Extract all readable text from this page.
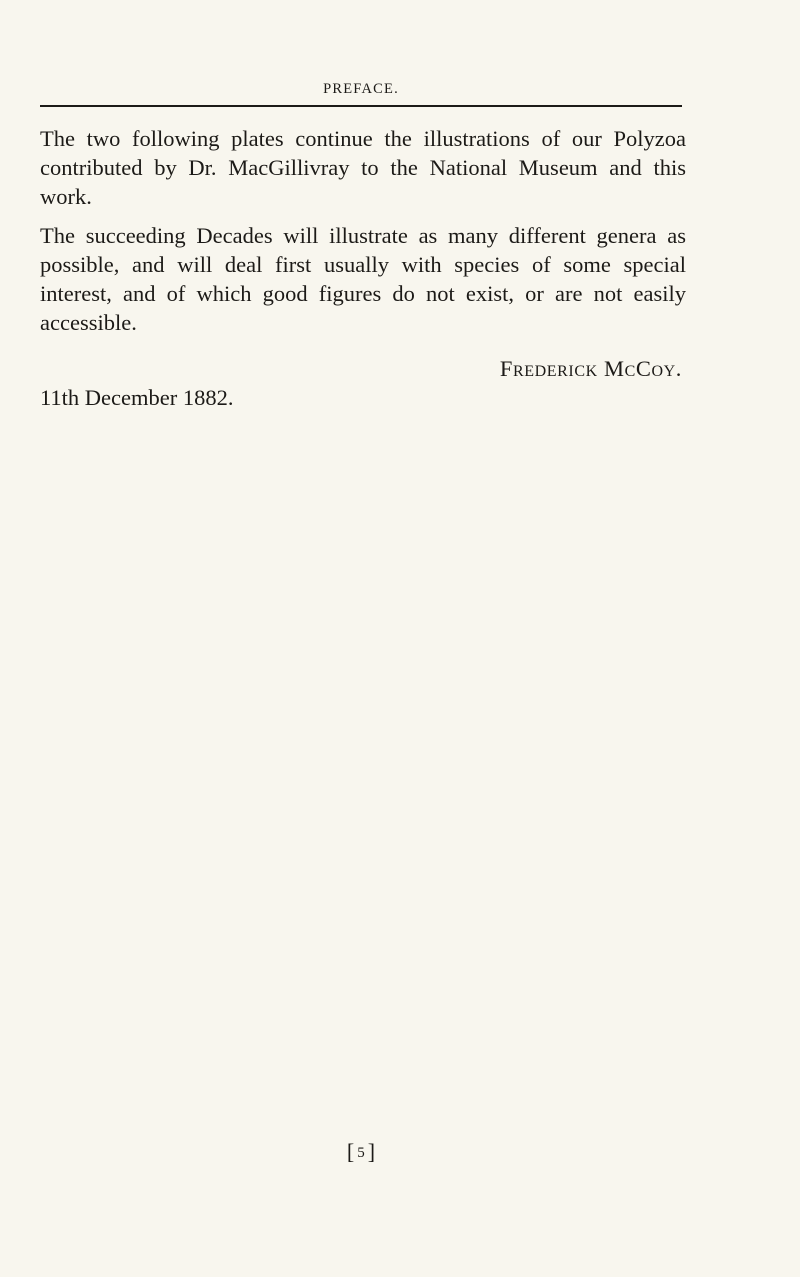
PREFACE.

The two following plates continue the illustrations of our Polyzoa contributed by Dr. MacGillivray to the National Museum and this work.

The succeeding Decades will illustrate as many different genera as possible, and will deal first usually with species of some special interest, and of which good figures do not exist, or are not easily accessible.

Frederick McCoy.
11th December 1882.
[ 5 ]
